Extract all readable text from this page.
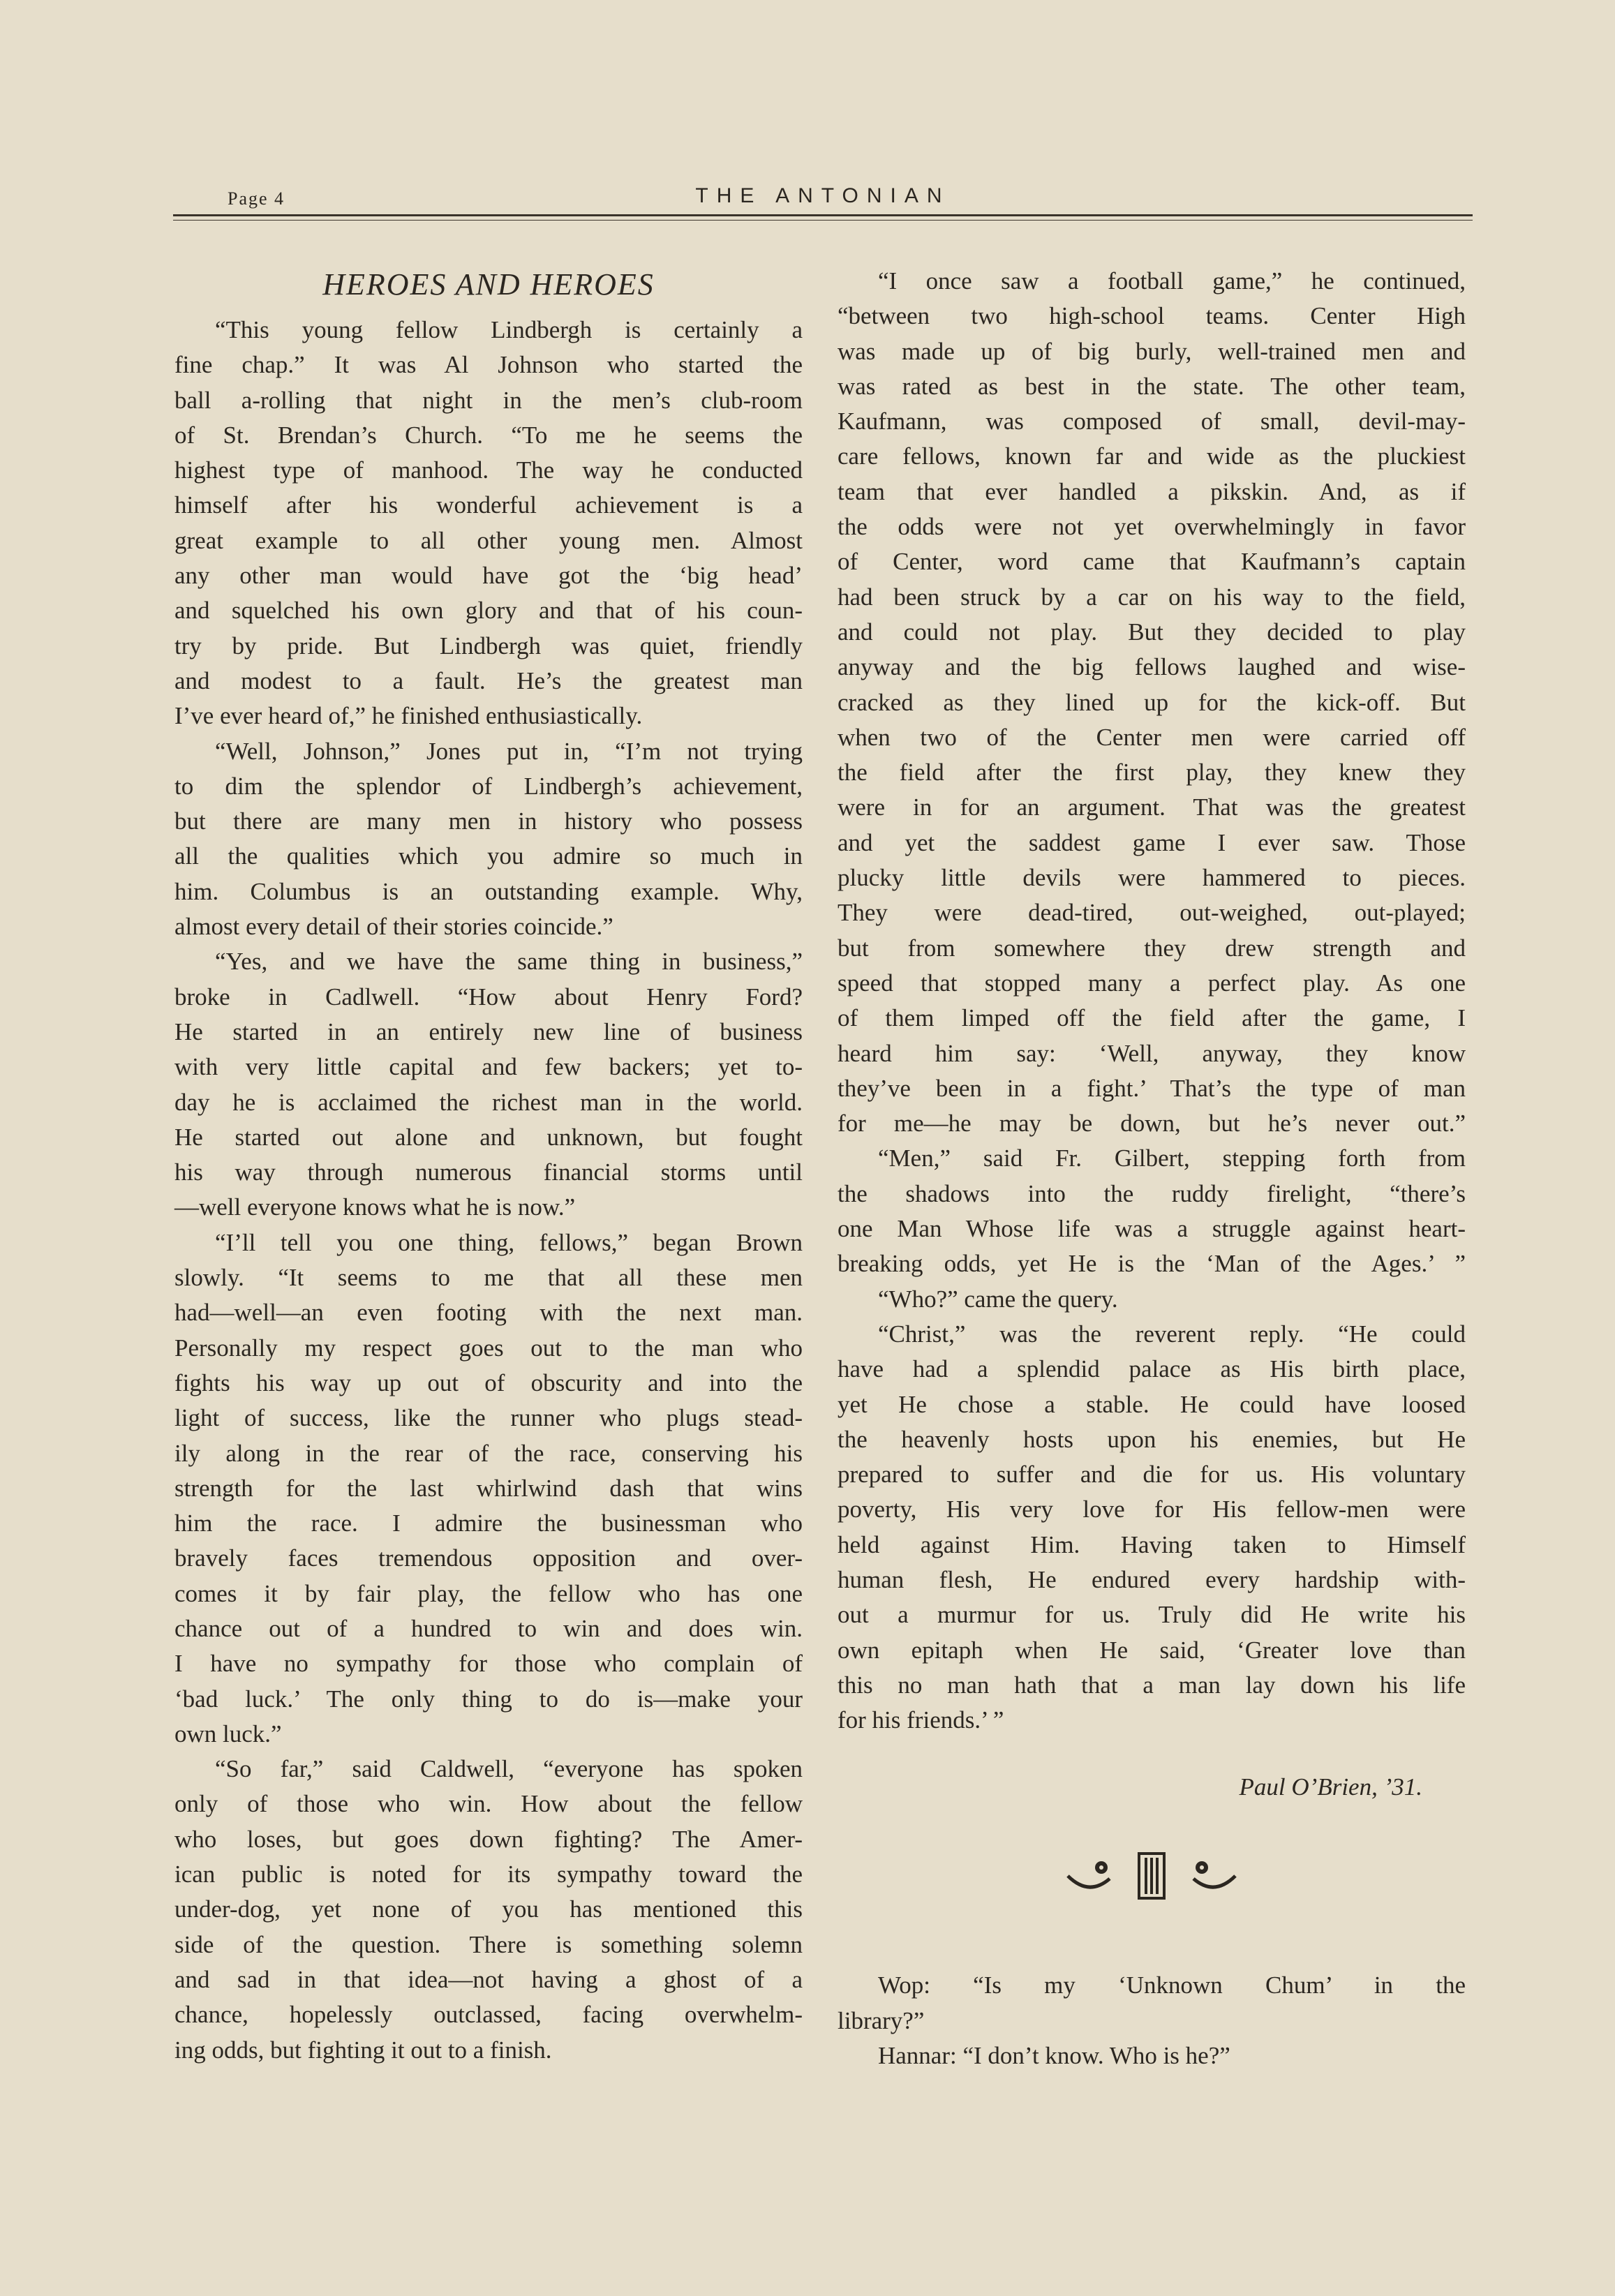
Page 4	THE ANTONIAN
HEROES AND HEROES
“This young fellow Lindbergh is certainly a
fine chap.” It was Al Johnson who started the
ball a-rolling that night in the men’s club-room
of St. Brendan’s Church. “To me he seems the
highest type of manhood. The way he conducted
himself after his wonderful achievement is a
great example to all other young men. Almost
any other man would have got the ‘big head’
and squelched his own glory and that of his coun-
try by pride. But Lindbergh was quiet, friendly
and modest to a fault. He’s the greatest man
I’ve ever heard of,” he finished enthusiastically.
“Well, Johnson,” Jones put in, “I’m not trying
to dim the splendor of Lindbergh’s achievement,
but there are many men in history who possess
all the qualities which you admire so much in
him. Columbus is an outstanding example. Why,
almost every detail of their stories coincide.”
“Yes, and we have the same thing in business,”
broke in Cadlwell. “How about Henry Ford?
He started in an entirely new line of business
with very little capital and few backers; yet to-
day he is acclaimed the richest man in the world.
He started out alone and unknown, but fought
his way through numerous financial storms until
—well everyone knows what he is now.”
“I’ll tell you one thing, fellows,” began Brown
slowly. “It seems to me that all these men
had—well—an even footing with the next man.
Personally my respect goes out to the man who
fights his way up out of obscurity and into the
light of success, like the runner who plugs stead-
ily along in the rear of the race, conserving his
strength for the last whirlwind dash that wins
him the race. I admire the businessman who
bravely faces tremendous opposition and over-
comes it by fair play, the fellow who has one
chance out of a hundred to win and does win.
I have no sympathy for those who complain of
‘bad luck.’ The only thing to do is—make your
own luck.”
“So far,” said Caldwell, “everyone has spoken
only of those who win. How about the fellow
who loses, but goes down fighting? The Amer-
ican public is noted for its sympathy toward the
under-dog, yet none of you has mentioned this
side of the question. There is something solemn
and sad in that idea—not having a ghost of a
chance, hopelessly outclassed, facing overwhelm-
ing odds, but fighting it out to a finish.
“I once saw a football game,” he continued,
“between two high-school teams. Center High
was made up of big burly, well-trained men and
was rated as best in the state. The other team,
Kaufmann, was composed of small, devil-may-
care fellows, known far and wide as the pluckiest
team that ever handled a pikskin. And, as if
the odds were not yet overwhelmingly in favor
of Center, word came that Kaufmann’s captain
had been struck by a car on his way to the field,
and could not play. But they decided to play
anyway and the big fellows laughed and wise-
cracked as they lined up for the kick-off. But
when two of the Center men were carried off
the field after the first play, they knew they
were in for an argument. That was the greatest
and yet the saddest game I ever saw. Those
plucky little devils were hammered to pieces.
They were dead-tired, out-weighed, out-played;
but from somewhere they drew strength and
speed that stopped many a perfect play. As one
of them limped off the field after the game, I
heard him say: ‘Well, anyway, they know
they’ve been in a fight.’ That’s the type of man
for me—he may be down, but he’s never out.”
“Men,” said Fr. Gilbert, stepping forth from
the shadows into the ruddy firelight, “there’s
one Man Whose life was a struggle against heart-
breaking odds, yet He is the ‘Man of the Ages.’ ”
“Who?” came the query.
“Christ,” was the reverent reply. “He could
have had a splendid palace as His birth place,
yet He chose a stable. He could have loosed
the heavenly hosts upon his enemies, but He
prepared to suffer and die for us. His voluntary
poverty, His very love for His fellow-men were
held against Him. Having taken to Himself
human flesh, He endured every hardship with-
out a murmur for us. Truly did He write his
own epitaph when He said, ‘Greater love than
this no man hath that a man lay down his life
for his friends.’ ”
Paul O’Brien, ’31.
Wop: “Is my ‘Unknown Chum’ in the
library?”
Hannar: “I don’t know. Who is he?”
